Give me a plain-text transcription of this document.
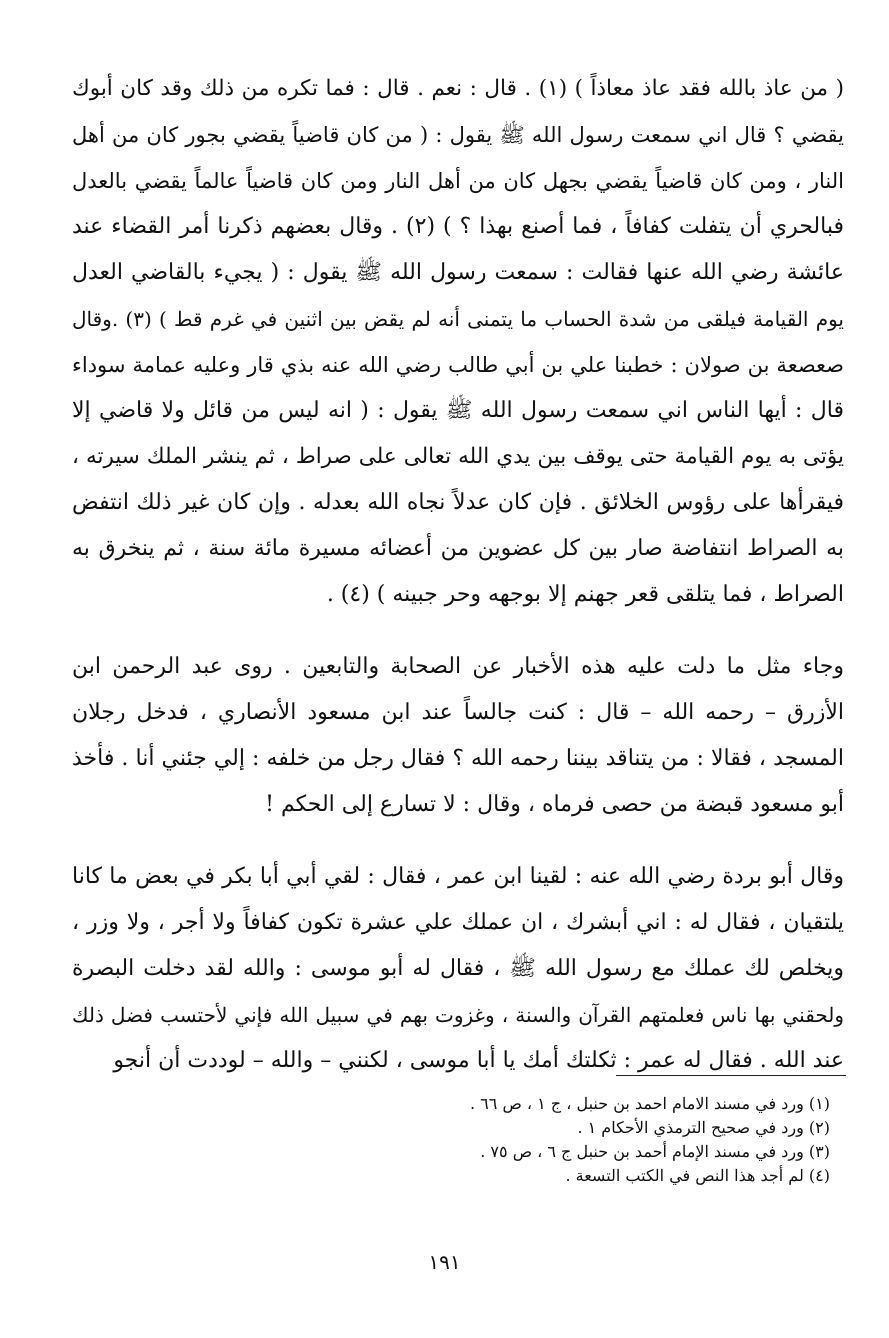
( من عاذ بالله فقد عاذ معاذاً ) (١) . قال : نعم . قال : فما تكره من ذلك وقد كان أبوك
يقضي ؟ قال اني سمعت رسول الله ﷺ يقول : ( من كان قاضياً يقضي بجور كان من أهل
النار ، ومن كان قاضياً يقضي بجهل كان من أهل النار ومن كان قاضياً عالماً يقضي بالعدل
فبالحري أن يتفلت كفافاً ، فما أصنع بهذا ؟ ) (٢) . وقال بعضهم ذكرنا أمر القضاء عند
عائشة رضي الله عنها فقالت : سمعت رسول الله ﷺ يقول : ( يجيء بالقاضي العدل
يوم القيامة فيلقى من شدة الحساب ما يتمنى أنه لم يقض بين اثنين في غرم قط ) (٣) .وقال
صعصعة بن صولان : خطبنا علي بن أبي طالب رضي الله عنه بذي قار وعليه عمامة سوداء
قال : أيها الناس اني سمعت رسول الله ﷺ يقول : ( انه ليس من قائل ولا قاضي إلا
يؤتى به يوم القيامة حتى يوقف بين يدي الله تعالى على صراط ، ثم ينشر الملك سيرته ،
فيقرأها على رؤوس الخلائق . فإن كان عدلاً نجاه الله بعدله . وإن كان غير ذلك انتفض
به الصراط انتفاضة صار بين كل عضوين من أعضائه مسيرة مائة سنة ، ثم ينخرق به
الصراط ، فما يتلقى قعر جهنم إلا بوجهه وحر جبينه ) (٤) .
وجاء مثل ما دلت عليه هذه الأخبار عن الصحابة والتابعين . روى عبد الرحمن ابن
الأزرق – رحمه الله – قال : كنت جالساً عند ابن مسعود الأنصاري ، فدخل رجلان
المسجد ، فقالا : من يتناقد بيننا رحمه الله ؟ فقال رجل من خلفه : إلي جئني أنا . فأخذ
أبو مسعود قبضة من حصى فرماه ، وقال : لا تسارع إلى الحكم !
وقال أبو بردة رضي الله عنه : لقينا ابن عمر ، فقال : لقي أبي أبا بكر في بعض ما كانا
يلتقيان ، فقال له : اني أبشرك ، ان عملك علي عشرة تكون كفافاً ولا أجر ، ولا وزر ،
ويخلص لك عملك مع رسول الله ﷺ ، فقال له أبو موسى : والله لقد دخلت البصرة
ولحقني بها ناس فعلمتهم القرآن والسنة ، وغزوت بهم في سبيل الله فإني لأحتسب فضل ذلك
عند الله . فقال له عمر : ثكلتك أمك يا أبا موسى ، لكنني – والله – لوددت أن أنجو
(١) ورد في مسند الامام احمد بن حنبل ، ج ١ ، ص ٦٦ .
(٢) ورد في صحيح الترمذي الأحكام ١ .
(٣) ورد في مسند الإمام أحمد بن حنبل ج ٦ ، ص ٧٥ .
(٤) لم أجد هذا النص في الكتب التسعة .
١٩١
